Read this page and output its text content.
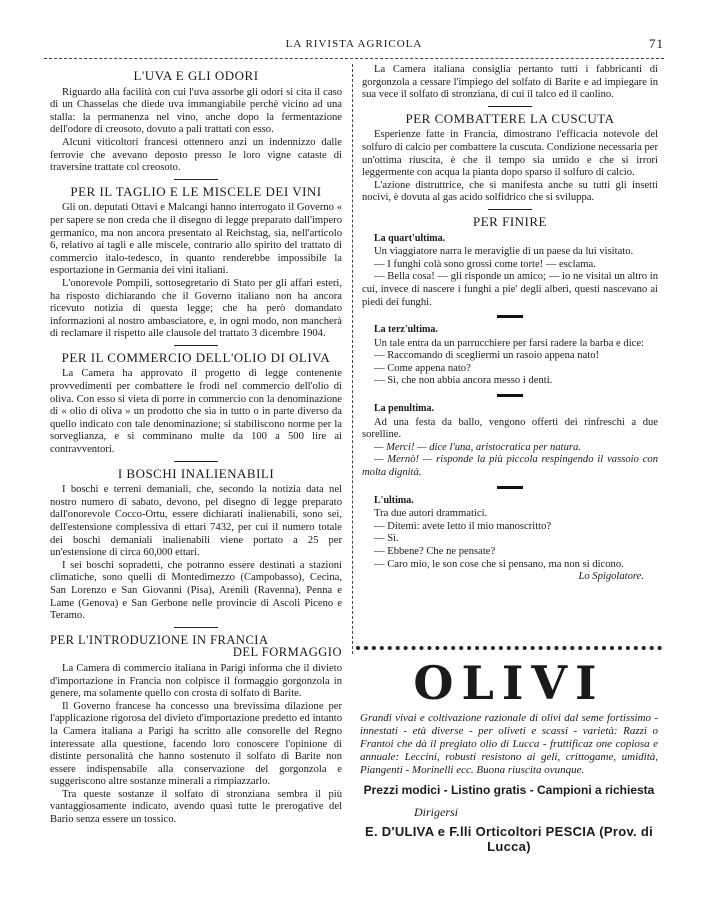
LA RIVISTA AGRICOLA	71
L'UVA E GLI ODORI

Riguardo alla facilità con cui l'uva assorbe gli odori si cita il caso di un Chasselas che diede uva immangiabile perchè vicino ad una stalla: la permanenza nel vino, anche dopo la fermentazione dell'odore di creosoto, dovuto a pali trattati con esso.

Alcuni viticoltori francesi ottennero anzi un indennizzo dalle ferrovie che avevano deposto presso le loro vigne cataste di traversine trattate col creosoto.

PER IL TAGLIO E LE MISCELE DEI VINI

Gli on. deputati Ottavi e Malcangi hanno interrogato il Governo « per sapere se non creda che il disegno di legge preparato dall'impero germanico, ma non ancora presentato al Reichstag, sia, nell'articolo 6, relativo ai tagli e alle miscele, contrario allo spirito del trattato di commercio italo-tedesco, in quanto renderebbe impossibile la esportazione in Germania dei vini italiani.

L'onorevole Pompili, sottosegretario di Stato per gli affari esteri, ha risposto dichiarando che il Governo italiano non ha ancora ricevuto notizia di questa legge; che ha però domandato informazioni al nostro ambasciatore, e, in ogni modo, non mancherà di reclamare il rispetto alle clausole del trattato 3 dicembre 1904.

PER IL COMMERCIO DELL'OLIO DI OLIVA

La Camera ha approvato il progetto di legge contenente provvedimenti per combattere le frodi nel commercio dell'olio di oliva. Con esso si vieta di porre in commercio con la denominazione di « olio di oliva » un prodotto che sia in tutto o in parte diverso da quello indicato con tale denominazione; si stabiliscono norme per la sorveglianza, e si comminano multe da 100 a 500 lire ai contravventori.

I BOSCHI INALIENABILI

I boschi e terreni demaniali, che, secondo la notizia data nel nostro numero di sabato, devono, pel disegno di legge preparato dall'onorevole Cocco-Ortu, essere dichiarati inalienabili, sono sei, dell'estensione complessiva di ettari 7432, per cui il numero totale dei boschi demaniali inalienabili viene portato a 25 per un'estensione di circa 60,000 ettari.

I sei boschi sopradetti, che potranno essere destinati a stazioni climatiche, sono quelli di Montedimezzo (Campobasso), Cecina, San Lorenzo e San Giovanni (Pisa), Arenili (Ravenna), Penna e Lame (Genova) e San Gerbone nelle provincie di Ascoli Piceno e Teramo.

PER L'INTRODUZIONE IN FRANCIA
DEL FORMAGGIO

La Camera di commercio italiana in Parigi informa che il divieto d'importazione in Francia non colpisce il formaggio gorgonzola in genere, ma solamente quello con crosta di solfato di Barite.

Il Governo francese ha concesso una brevissima dilazione per l'applicazione rigorosa del divieto d'importazione predetto ed intanto la Camera italiana a Parigi ha scritto alle consorelle del Regno interessate alla questione, facendo loro conoscere l'opinione di distinte personalità che hanno sostenuto il solfato di Barite non essere indispensabile alla conservazione del gorgonzola e suggeriscono altre sostanze minerali a rimpiazzarlo.

Tra queste sostanze il solfato di stronziana sembra il più vantaggiosamente indicato, avendo quasi tutte le prerogative del Bario senza essere un tossico.

La Camera italiana consiglia pertanto tutti i fabbricanti di gorgonzola a cessare l'impiego del solfato di Barite e ad impiegare in sua vece il solfato di stronziana, di cui il talco ed il caolino.

PER COMBATTERE LA CUSCUTA

Esperienze fatte in Francia, dimostrano l'efficacia notevole del solfuro di calcio per combattere la cuscuta. Condizione necessaria per un'ottima riuscita, è che il tempo sia umido e che si irrori leggermente con acqua la pianta dopo sparso il solfuro di calcio.

L'azione distruttrice, che si manifesta anche su tutti gli insetti nocivi, è dovuta al gas acido solfidrico che si sviluppa.

PER FINIRE

La quart'ultima.

Un viaggiatore narra le meraviglie di un paese da lui visitato.

— I funghi colà sono grossi come torte! — esclama.

— Bella cosa! — gli risponde un amico; — io ne visitai un altro in cui, invece di nascere i funghi a pie' degli alberi, questi nascevano ai piedi dei funghi.

La terz'ultima.

Un tale entra da un parrucchiere per farsi radere la barba e dice:

— Raccomando di scegliermi un rasoio appena nato!

— Come appena nato?

— Sì, che non abbia ancora messo i denti.

La penultima.

Ad una festa da ballo, vengono offerti dei rinfreschi a due sorelline.

— Merci! — dice l'una, aristocratica per natura.

— Mernò! — risponde la più piccola respingendo il vassoio con molta dignità.

L'ultima.

Tra due autori drammatici.

— Ditemi: avete letto il mio manoscritto?

— Sì.

— Ebbene? Che ne pensate?

— Caro mio, le son cose che si pensano, ma non si dicono.

Lo Spigolatore.

OLIVI
Grandi vivai e coltivazione razionale di olivi dal seme fortissimo - innestati - età diverse - per oliveti e scassi - varietà: Razzi o Frantoi che dà il pregiato olio di Lucca - fruttificaz one copiosa e annuale: Leccini, robusti resistono ai geli, crittogame, umidità, Piangenti - Morinelli ecc. Buona riuscita ovunque.
Prezzi modici - Listino gratis - Campioni a richiesta
Dirigersi
E. D'ULIVA e F.lli Orticoltori PESCIA (Prov. di Lucca)
